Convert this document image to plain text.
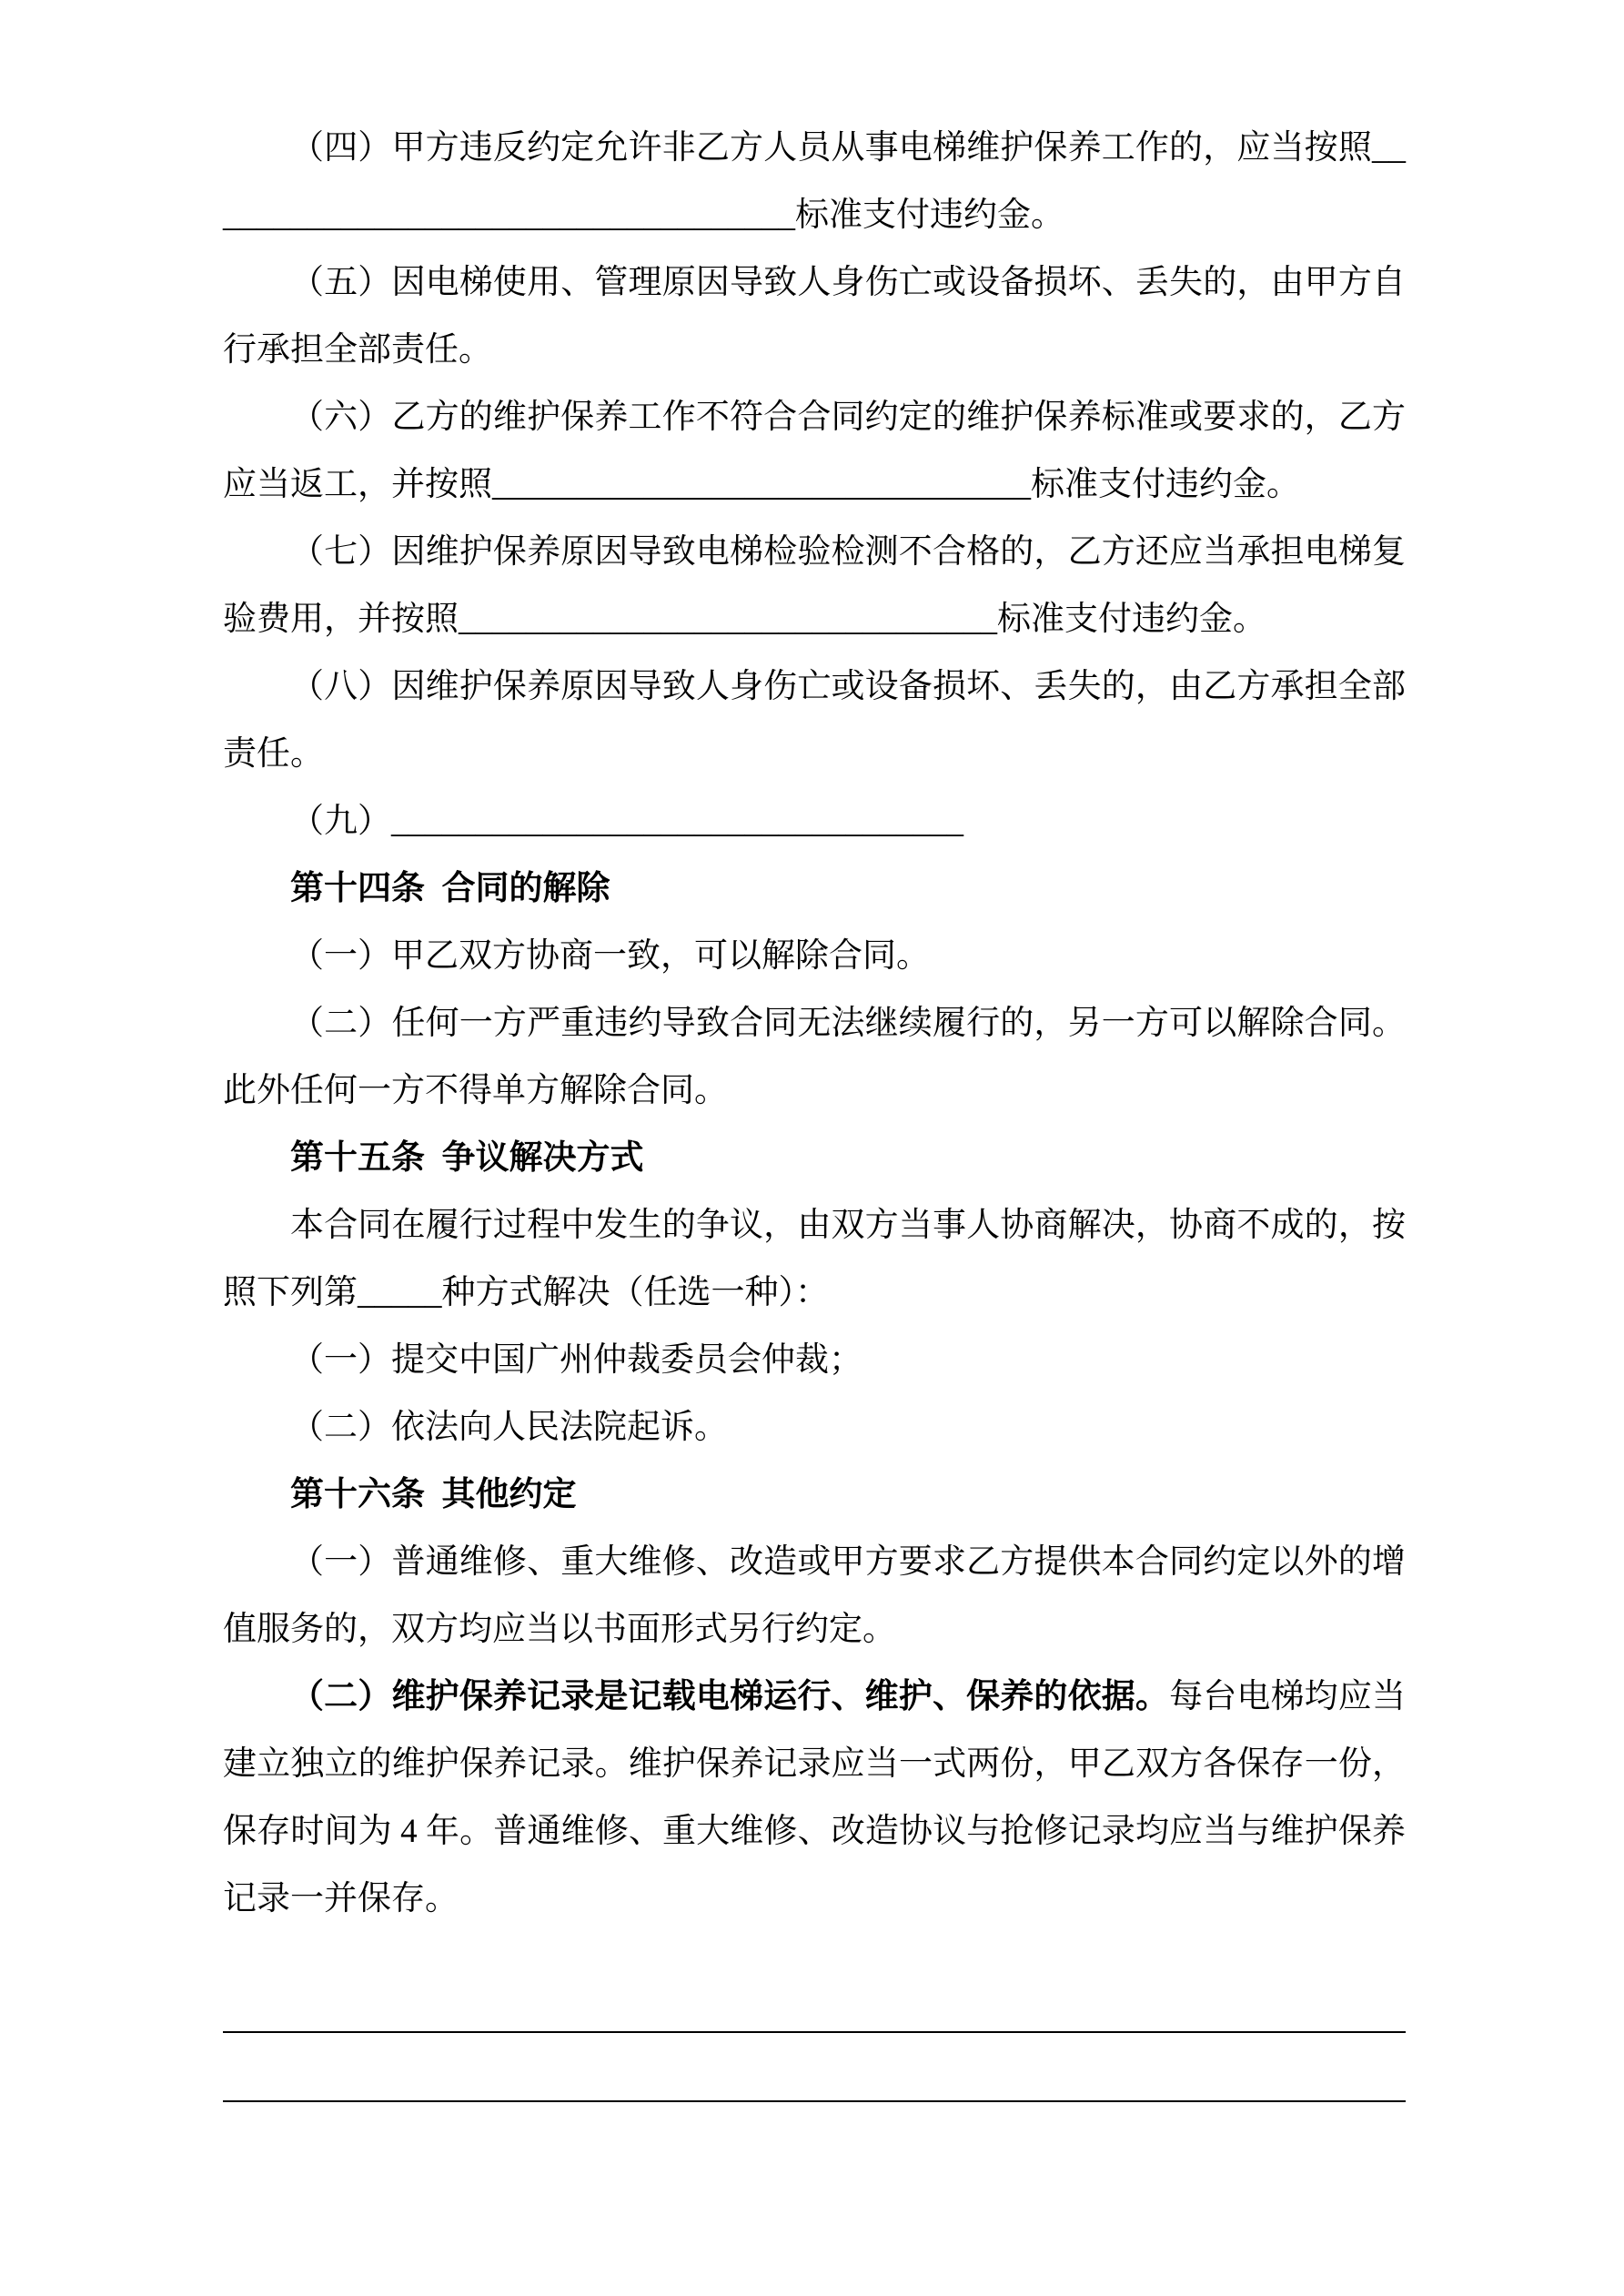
（四）甲方违反约定允许非乙方人员从事电梯维护保养工作的，应当按照____________________________________标准支付违约金。

（五）因电梯使用、管理原因导致人身伤亡或设备损坏、丢失的，由甲方自行承担全部责任。

（六）乙方的维护保养工作不符合合同约定的维护保养标准或要求的，乙方应当返工，并按照________________________________标准支付违约金。

（七）因维护保养原因导致电梯检验检测不合格的，乙方还应当承担电梯复验费用，并按照________________________________标准支付违约金。

（八）因维护保养原因导致人身伤亡或设备损坏、丢失的，由乙方承担全部责任。

（九）__________________________________

第十四条  合同的解除

（一）甲乙双方协商一致，可以解除合同。

（二）任何一方严重违约导致合同无法继续履行的，另一方可以解除合同。此外任何一方不得单方解除合同。

第十五条  争议解决方式

本合同在履行过程中发生的争议，由双方当事人协商解决，协商不成的，按照下列第_____种方式解决（任选一种）：

（一）提交中国广州仲裁委员会仲裁；

（二）依法向人民法院起诉。

第十六条  其他约定

（一）普通维修、重大维修、改造或甲方要求乙方提供本合同约定以外的增值服务的，双方均应当以书面形式另行约定。

（二）维护保养记录是记载电梯运行、维护、保养的依据。每台电梯均应当建立独立的维护保养记录。维护保养记录应当一式两份，甲乙双方各保存一份，保存时间为 4 年。普通维修、重大维修、改造协议与抢修记录均应当与维护保养记录一并保存。
